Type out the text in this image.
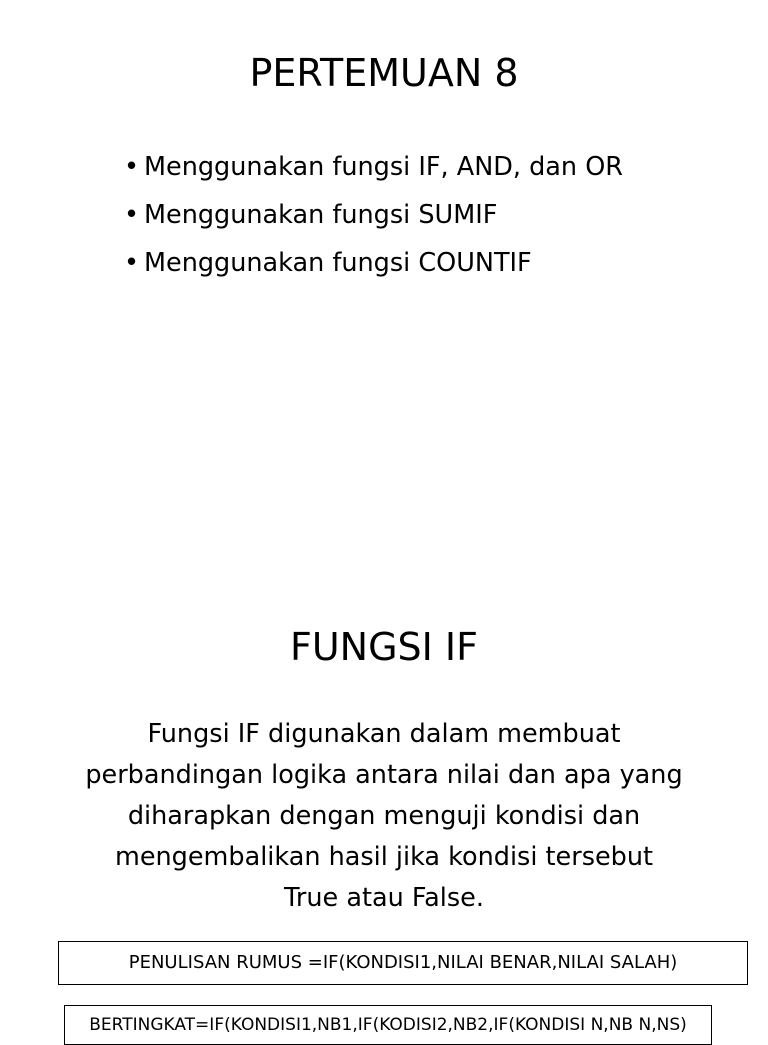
PERTEMUAN 8
• Menggunakan fungsi IF, AND, dan OR
• Menggunakan fungsi SUMIF
• Menggunakan fungsi COUNTIF
FUNGSI IF
Fungsi IF digunakan dalam membuat
perbandingan logika antara nilai dan apa yang
diharapkan dengan menguji kondisi dan
mengembalikan hasil jika kondisi tersebut
True atau False.
PENULISAN RUMUS =IF(KONDISI1,NILAI BENAR,NILAI SALAH)
BERTINGKAT=IF(KONDISI1,NB1,IF(KODISI2,NB2,IF(KONDISI N,NB N,NS)
